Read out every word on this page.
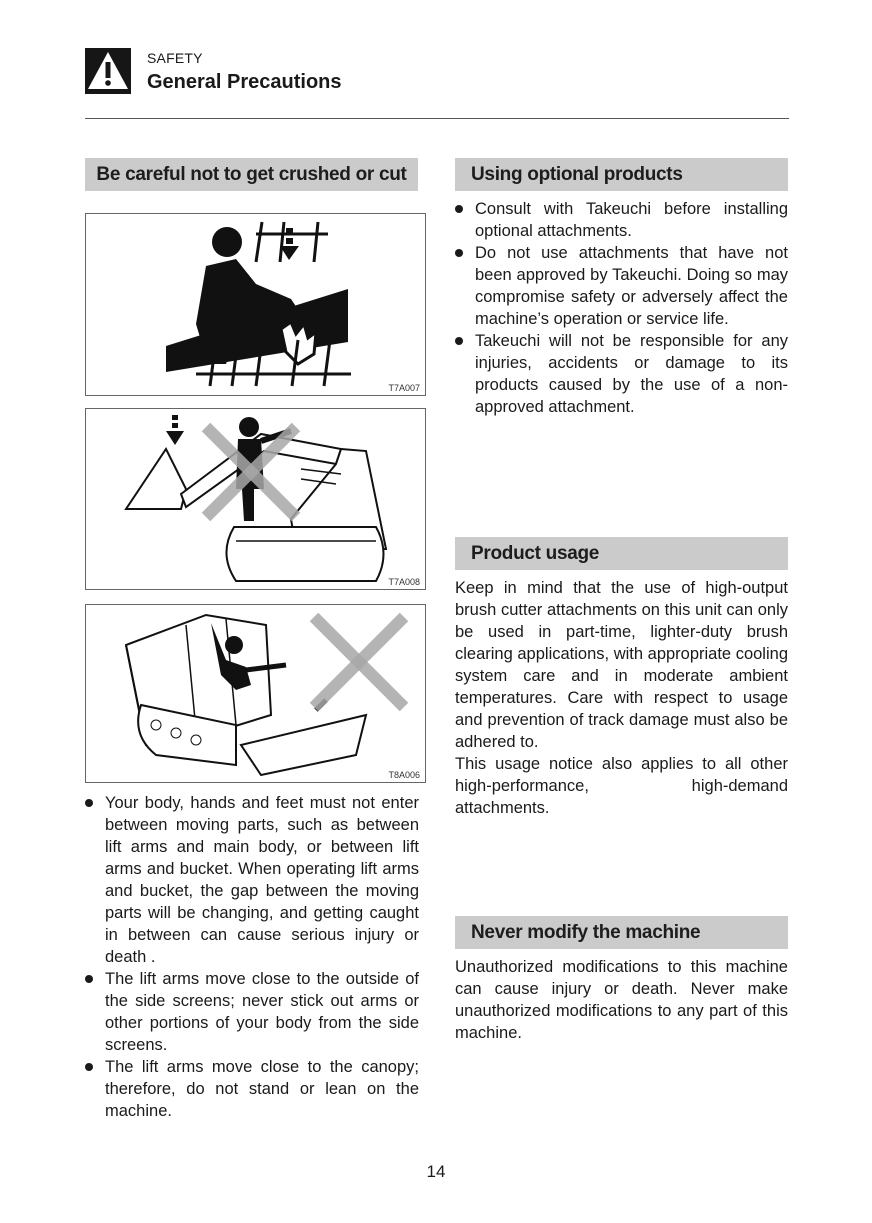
SAFETY
General Precautions
Be careful not to get crushed or cut
T7A007
T7A008
T8A006
Your body, hands and feet must not enter between moving parts, such as between lift arms and main body, or between lift arms and bucket. When operating lift arms and bucket, the gap between the moving parts will be changing, and getting caught in between can cause serious injury or death .
The lift arms move close to the outside of the side screens; never stick out arms or other portions of your body from the side screens.
The lift arms move close to the canopy; therefore, do not stand or lean on the machine.
Using optional products
Consult with Takeuchi before installing optional attachments.
Do not use attachments that have not been approved by Takeuchi. Doing so may compromise safety or adversely affect the machine’s operation or service life.
Takeuchi will not be responsible for any injuries, accidents or damage to its products caused by the use of a non-approved attachment.
Product usage

Keep in mind that the use of high-output brush cutter attachments on this unit can only be used in part-time, lighter-duty brush clearing applications, with appropriate cooling system care and in moderate ambient temperatures. Care with respect to usage and prevention of track damage must also be adhered to.

This usage notice also applies to all other high-performance, high-demand attachments.

Never modify the machine

Unauthorized modifications to this machine can cause injury or death. Never make unauthorized modifications to any part of this machine.

14
